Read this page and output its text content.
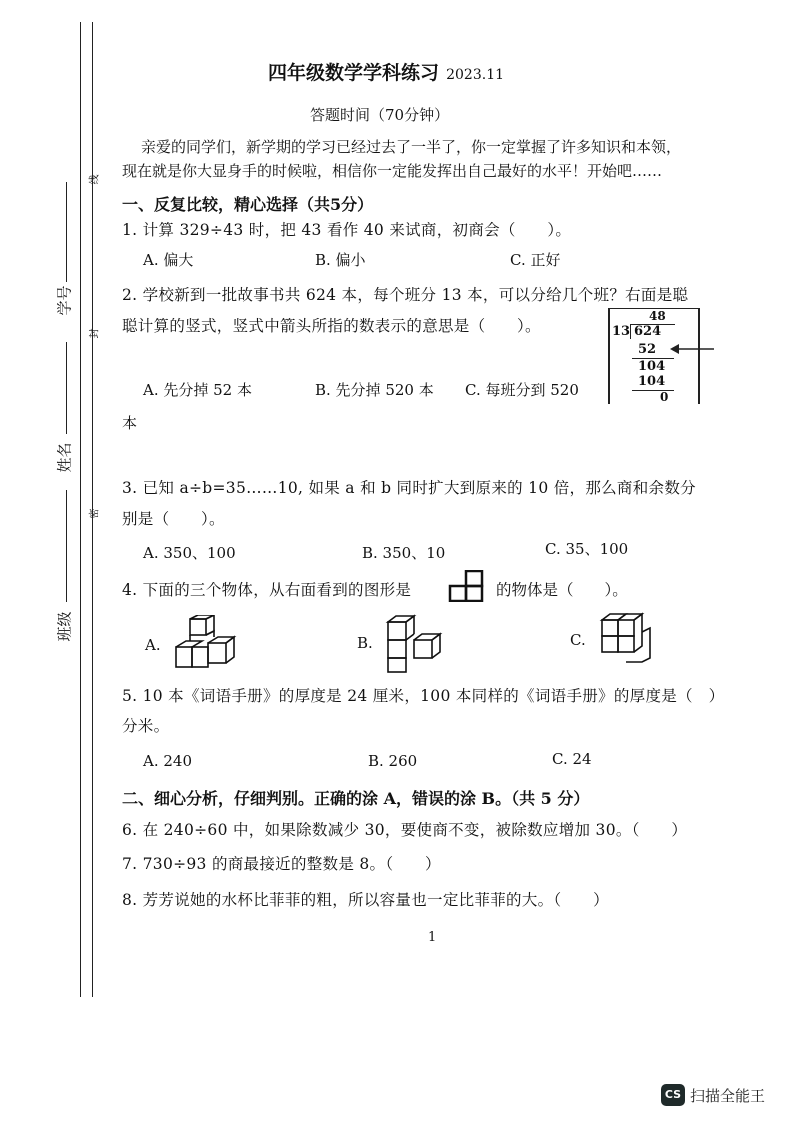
线
封
密
学号
姓名
班级
四年级数学学科练习 2023.11
答题时间（70分钟）
亲爱的同学们，新学期的学习已经过去了一半了，你一定掌握了许多知识和本领，
现在就是你大显身手的时候啦，相信你一定能发挥出自己最好的水平！开始吧……
一、反复比较，精心选择（共5分）
1. 计算 329÷43 时，把 43 看作 40 来试商，初商会（　　）。
A. 偏大	B. 偏小	C. 正好
2. 学校新到一批故事书共 624 本，每个班分 13 本，可以分给几个班？右面是聪
聪计算的竖式，竖式中箭头所指的数表示的意思是（　　）。
A. 先分掉 52 本	B. 先分掉 520 本 C. 每班分到 520
本
48
13 624
52
104
104
0
3. 已知 a÷b=35……10, 如果 a 和 b 同时扩大到原来的 10 倍，那么商和余数分
别是（　　）。
A. 350、100	B. 350、10	C. 35、100
4. 下面的三个物体，从右面看到的图形是	的物体是（　　）。
A.	B.	C.
5. 10 本《词语手册》的厚度是 24 厘米，100 本同样的《词语手册》的厚度是（　）
分米。
A. 240	B. 260	C. 24
二、细心分析，仔细判别。正确的涂 A，错误的涂 B。（共 5 分）
6. 在 240÷60 中，如果除数减少 30，要使商不变，被除数应增加 30。（　　）
7. 730÷93 的商最接近的整数是 8。（　　）
8. 芳芳说她的水杯比菲菲的粗，所以容量也一定比菲菲的大。（　　）
1
CS 扫描全能王
